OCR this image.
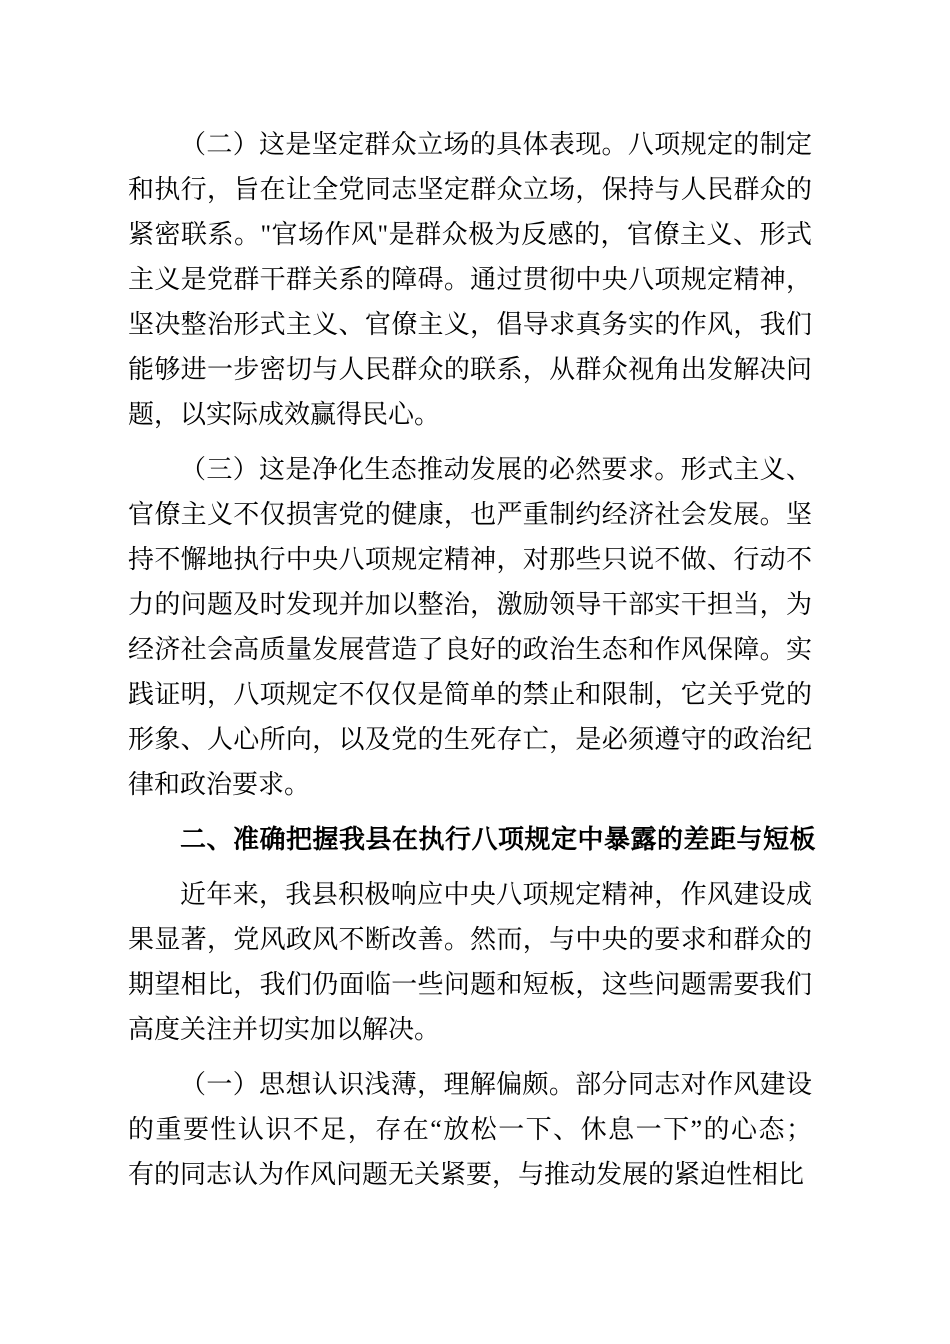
（二）这是坚定群众立场的具体表现。八项规定的制定
和执行，旨在让全党同志坚定群众立场，保持与人民群众的
紧密联系。"官场作风"是群众极为反感的，官僚主义、形式
主义是党群干群关系的障碍。通过贯彻中央八项规定精神，
坚决整治形式主义、官僚主义，倡导求真务实的作风，我们
能够进一步密切与人民群众的联系，从群众视角出发解决问
题，以实际成效赢得民心。
（三）这是净化生态推动发展的必然要求。形式主义、
官僚主义不仅损害党的健康，也严重制约经济社会发展。坚
持不懈地执行中央八项规定精神，对那些只说不做、行动不
力的问题及时发现并加以整治，激励领导干部实干担当，为
经济社会高质量发展营造了良好的政治生态和作风保障。实
践证明，八项规定不仅仅是简单的禁止和限制，它关乎党的
形象、人心所向，以及党的生死存亡，是必须遵守的政治纪
律和政治要求。
二、准确把握我县在执行八项规定中暴露的差距与短板
近年来，我县积极响应中央八项规定精神，作风建设成
果显著，党风政风不断改善。然而，与中央的要求和群众的
期望相比，我们仍面临一些问题和短板，这些问题需要我们
高度关注并切实加以解决。
（一）思想认识浅薄，理解偏颇。部分同志对作风建设
的重要性认识不足，存在“放松一下、休息一下”的心态；
有的同志认为作风问题无关紧要，与推动发展的紧迫性相比
